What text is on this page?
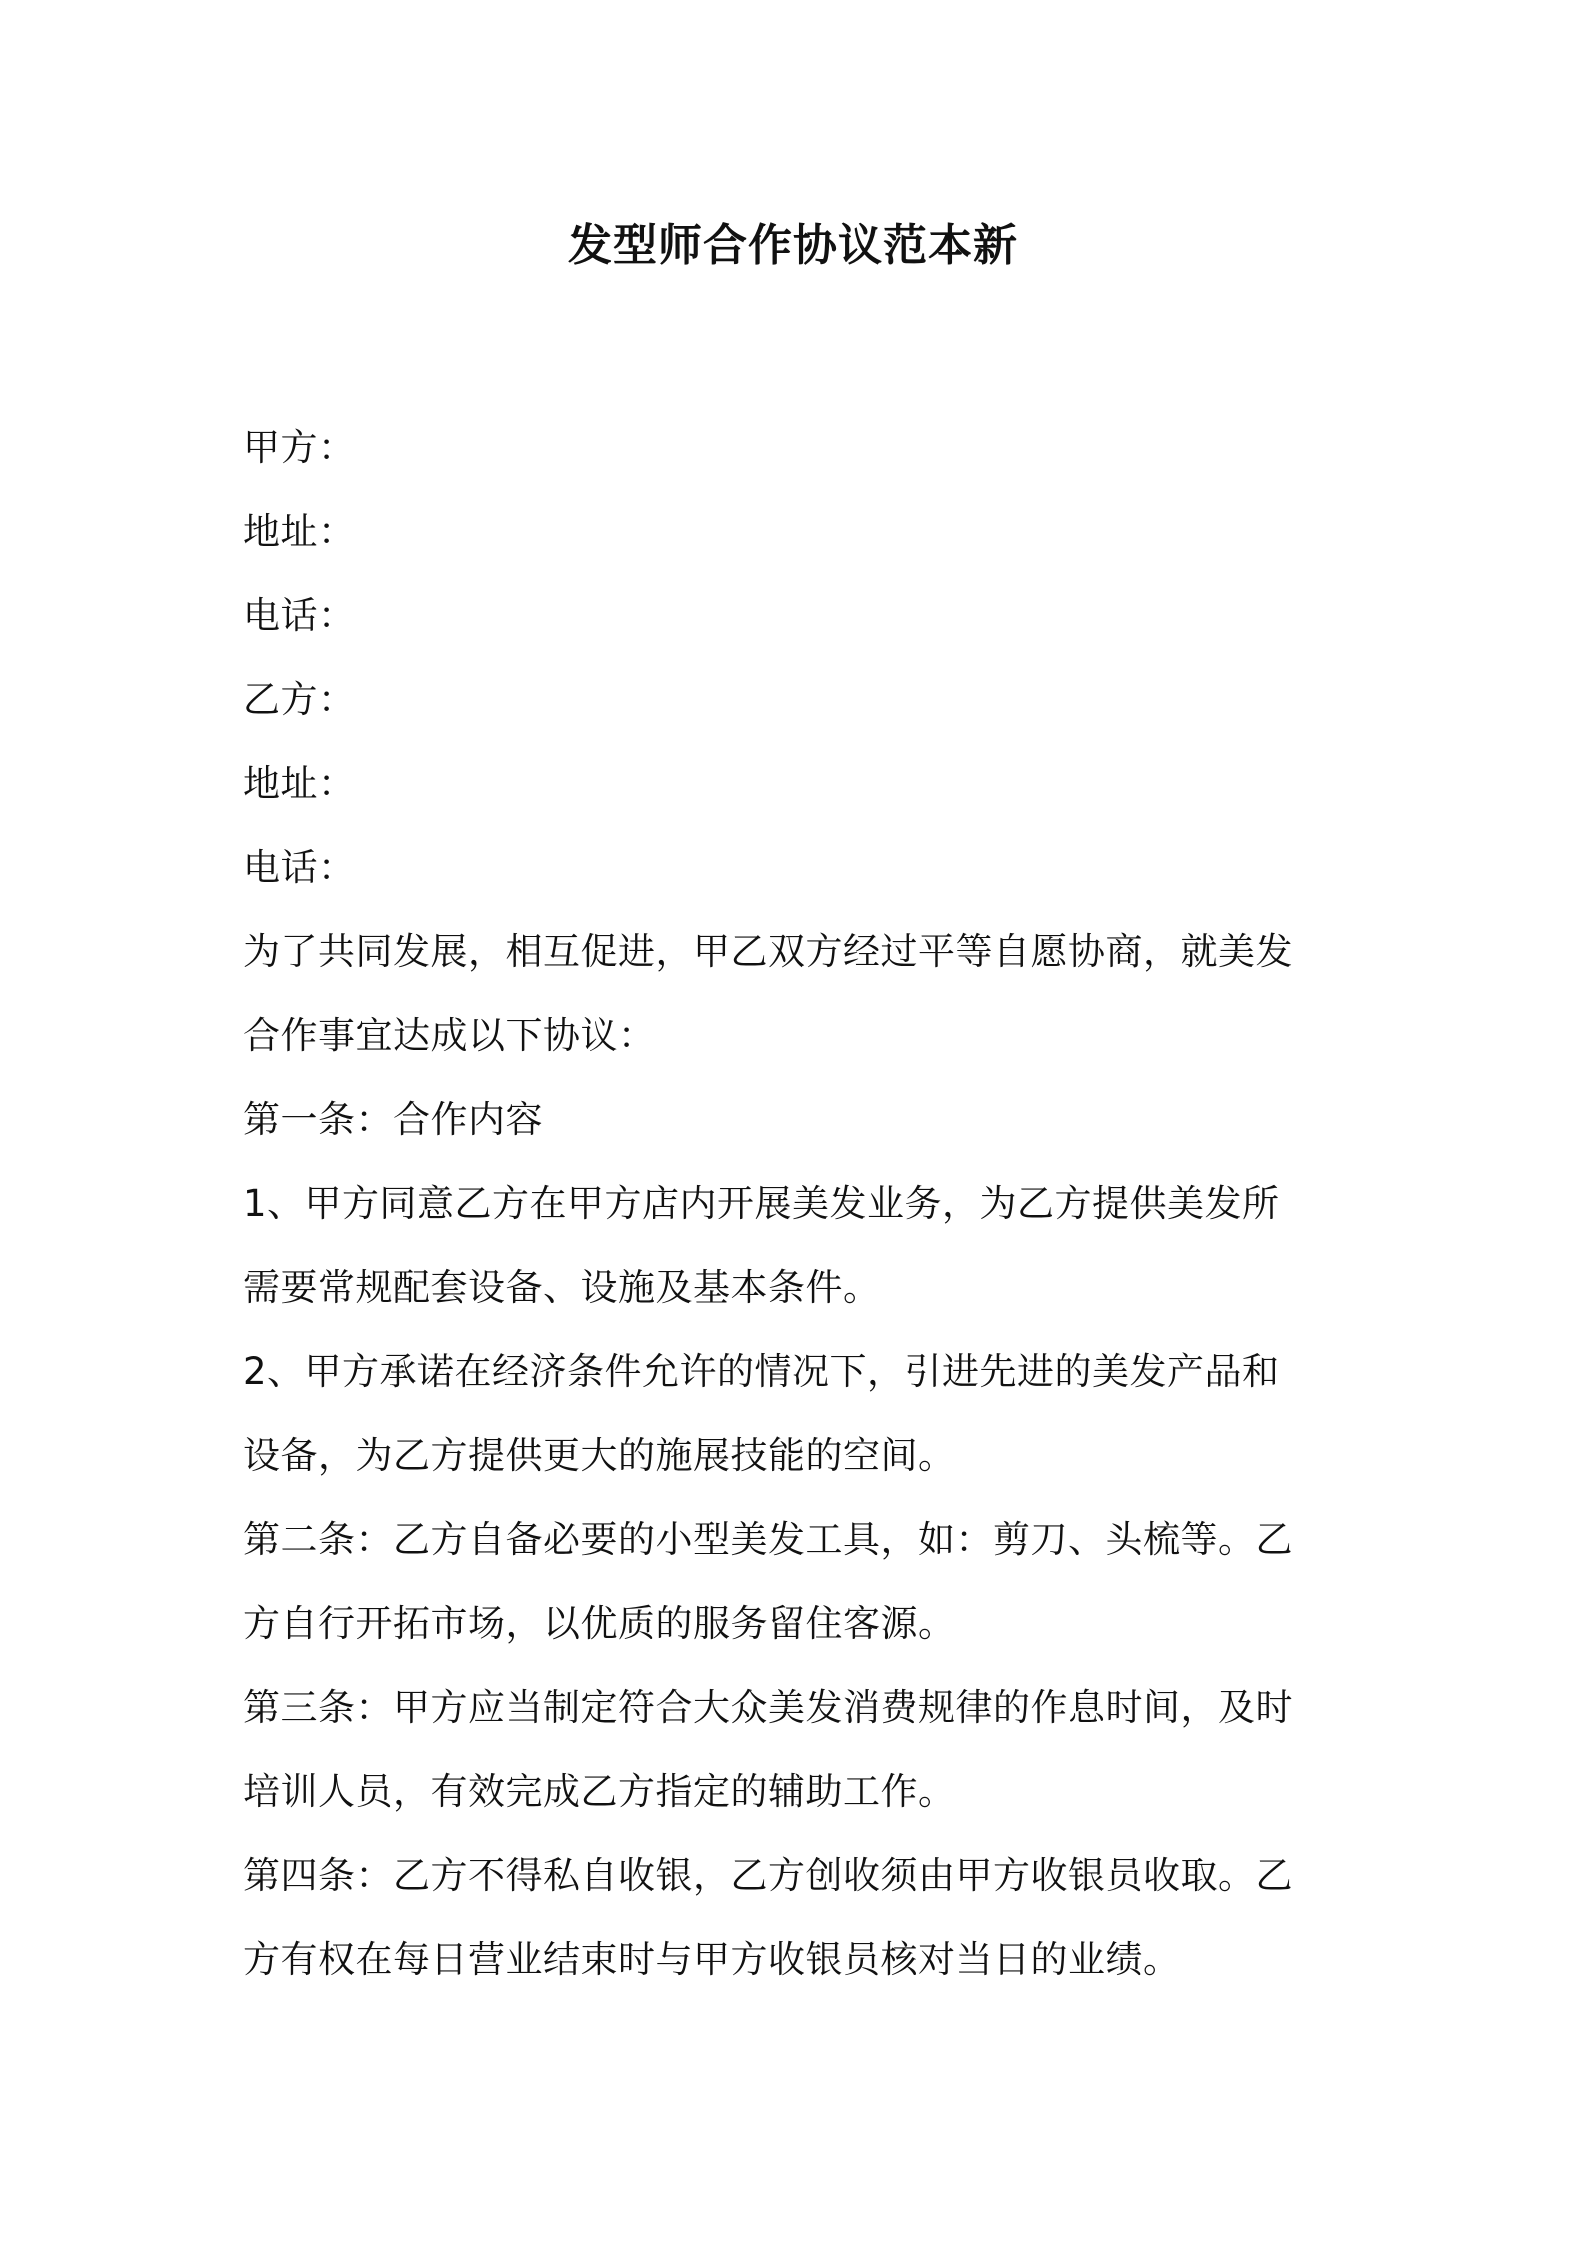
发型师合作协议范本新

甲方：

地址：

电话：

乙方：

地址：

电话：

为了共同发展，相互促进，甲乙双方经过平等自愿协商，就美发

合作事宜达成以下协议：

第一条：合作内容

1、甲方同意乙方在甲方店内开展美发业务，为乙方提供美发所

需要常规配套设备、设施及基本条件。

2、甲方承诺在经济条件允许的情况下，引进先进的美发产品和

设备，为乙方提供更大的施展技能的空间。

第二条：乙方自备必要的小型美发工具，如：剪刀、头梳等。乙

方自行开拓市场，以优质的服务留住客源。

第三条：甲方应当制定符合大众美发消费规律的作息时间，及时

培训人员，有效完成乙方指定的辅助工作。

第四条：乙方不得私自收银，乙方创收须由甲方收银员收取。乙

方有权在每日营业结束时与甲方收银员核对当日的业绩。
